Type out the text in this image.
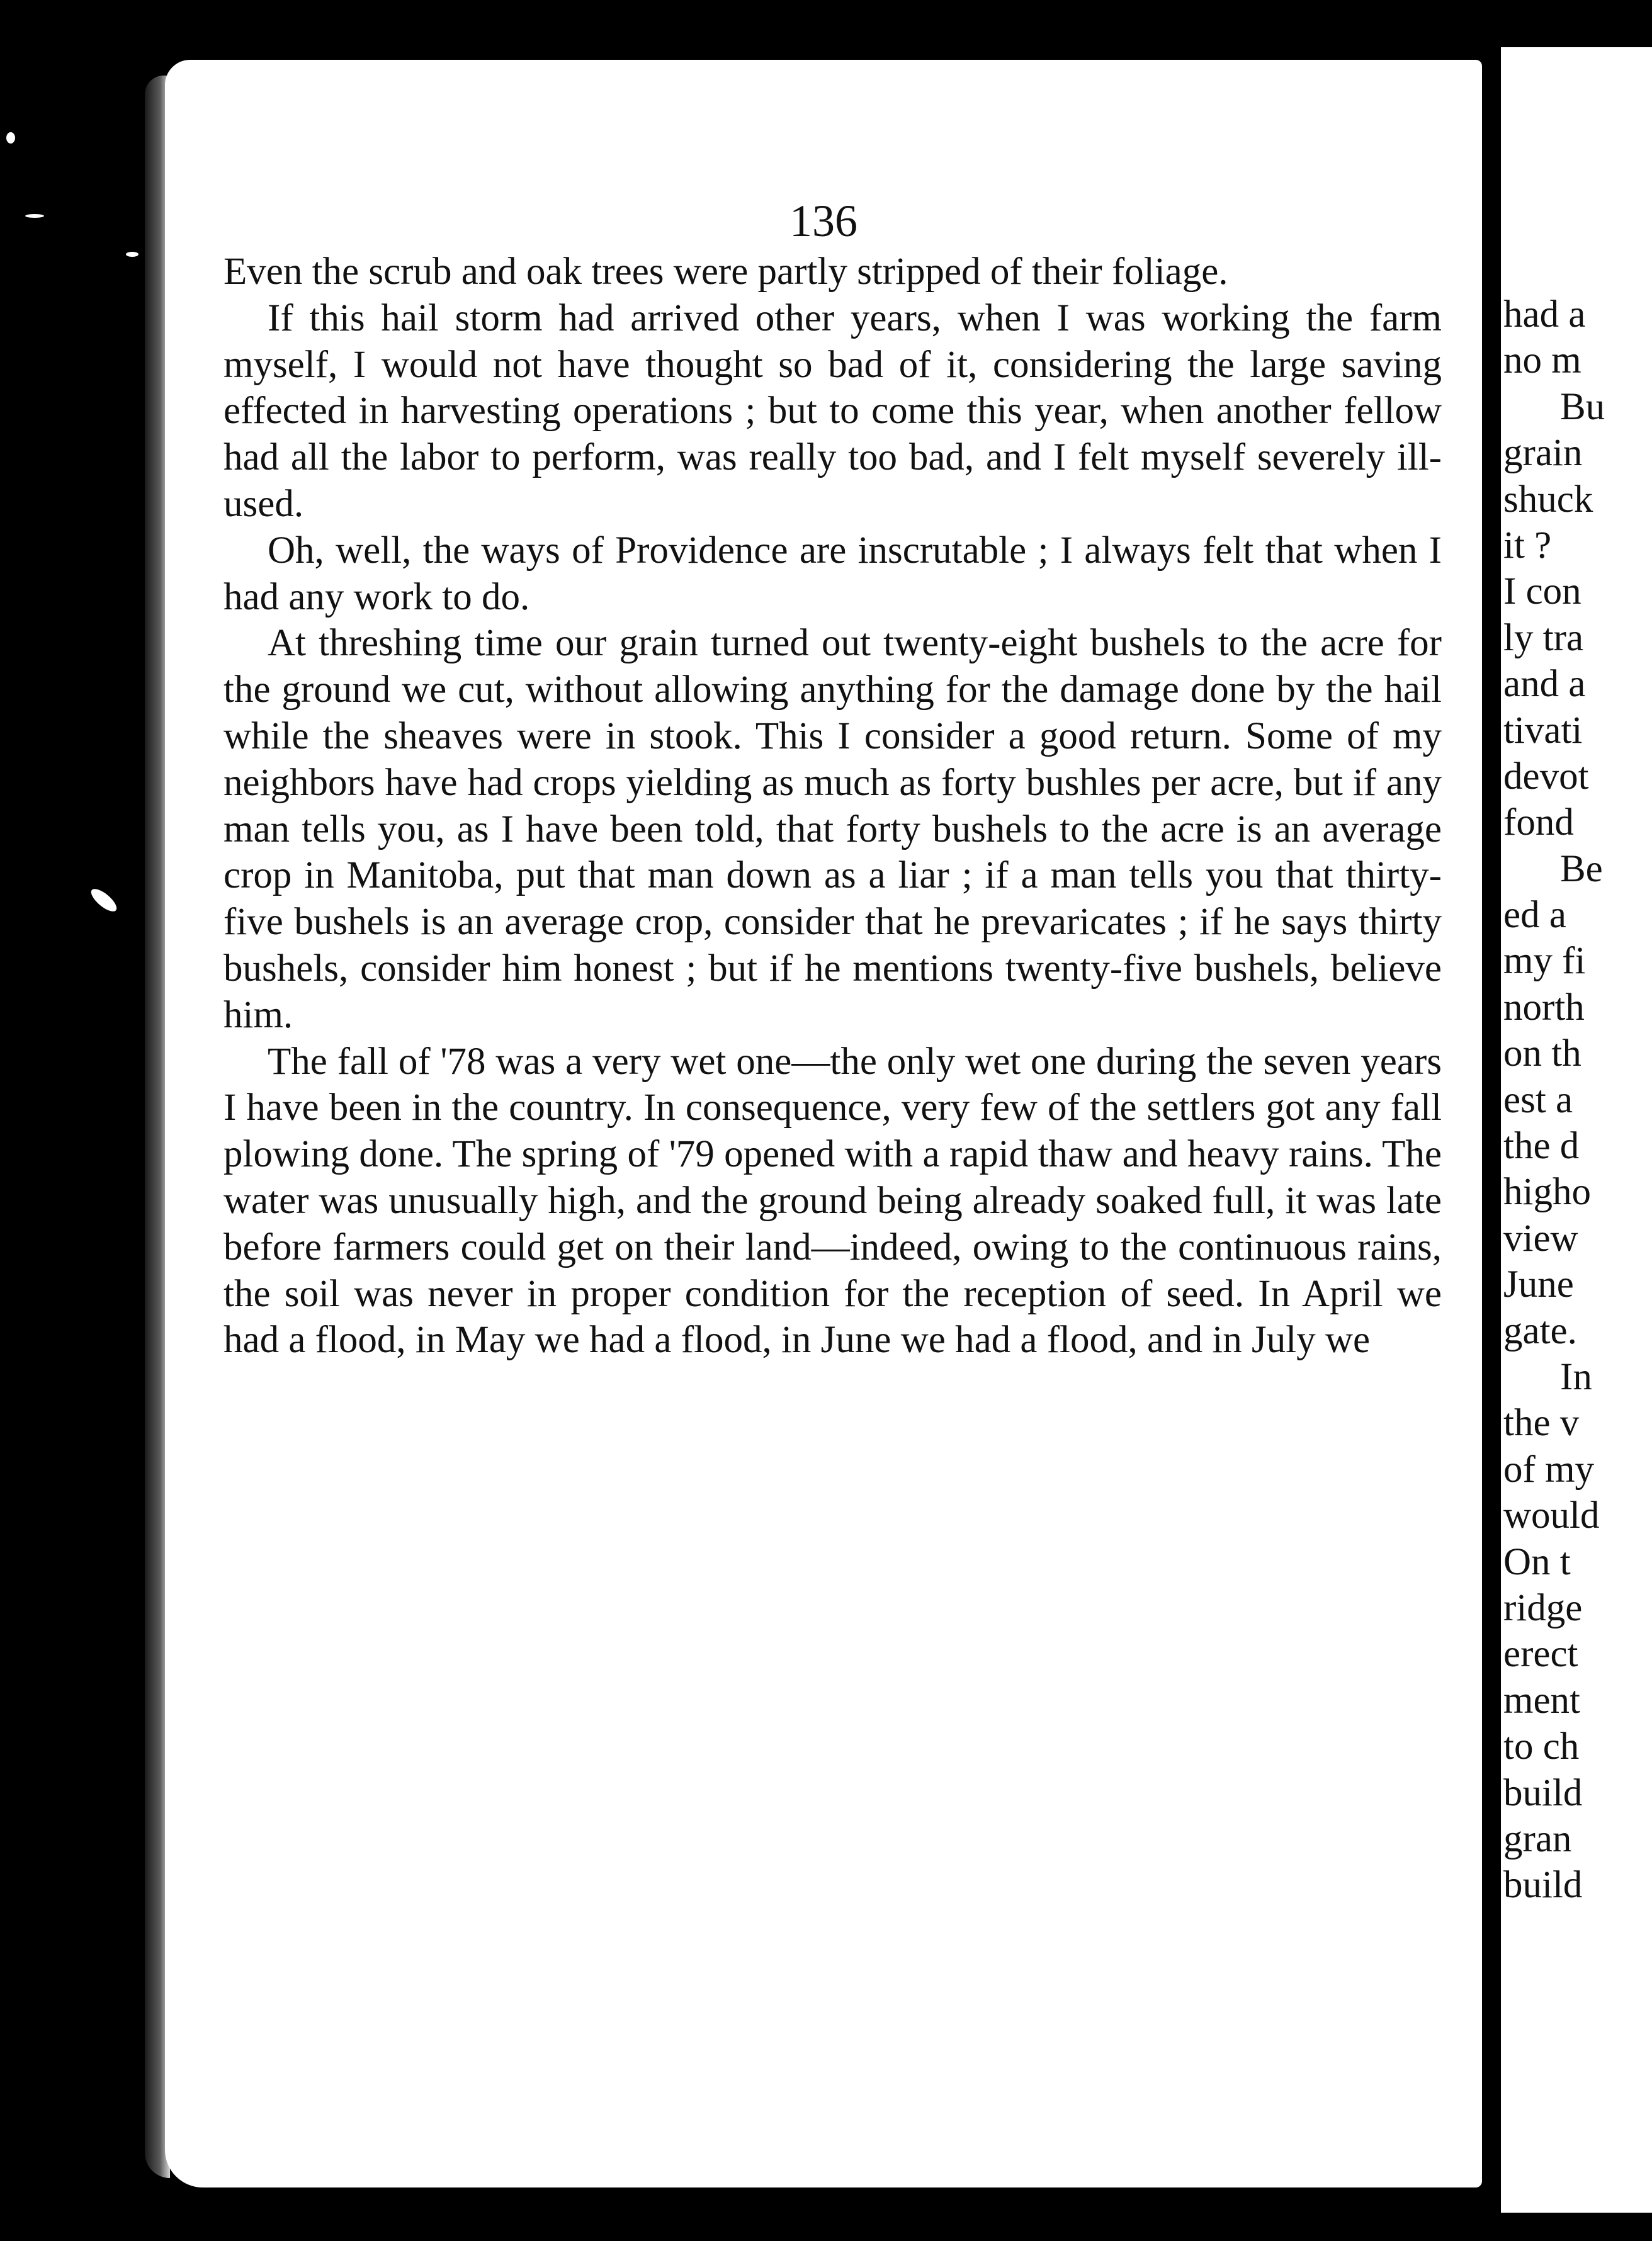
136

Even the scrub and oak trees were partly stripped of their foliage.

If this hail storm had arrived other years, when I was working the farm myself, I would not have thought so bad of it, considering the large saving effected in harvesting operations ; but to come this year, when another fellow had all the labor to perform, was really too bad, and I felt myself severely ill-used.

Oh, well, the ways of Providence are inscrutable ; I always felt that when I had any work to do.

At threshing time our grain turned out twenty-eight bushels to the acre for the ground we cut, without allowing anything for the damage done by the hail while the sheaves were in stook. This I consider a good return. Some of my neighbors have had crops yielding as much as forty bushles per acre, but if any man tells you, as I have been told, that forty bushels to the acre is an average crop in Manitoba, put that man down as a liar ; if a man tells you that thirty-five bushels is an average crop, consider that he prevaricates ; if he says thirty bushels, consider him honest ; but if he mentions twenty-five bushels, believe him.

The fall of '78 was a very wet one—the only wet one during the seven years I have been in the country. In consequence, very few of the settlers got any fall plowing done. The spring of '79 opened with a rapid thaw and heavy rains. The water was unusually high, and the ground being already soaked full, it was late before farmers could get on their land—indeed, owing to the continuous rains, the soil was never in proper condition for the reception of seed. In April we had a flood, in May we had a flood, in June we had a flood, and in July we

had a
no m
Bu
grain
shuck
it ?
I con
ly tra
and a
tivati
devot
fond
Be
ed a
my fi
north
on th
est a
the d
higho
view
June
gate.
In
the v
of my
would
On t
ridge
erect
ment
to ch
build
gran
build
